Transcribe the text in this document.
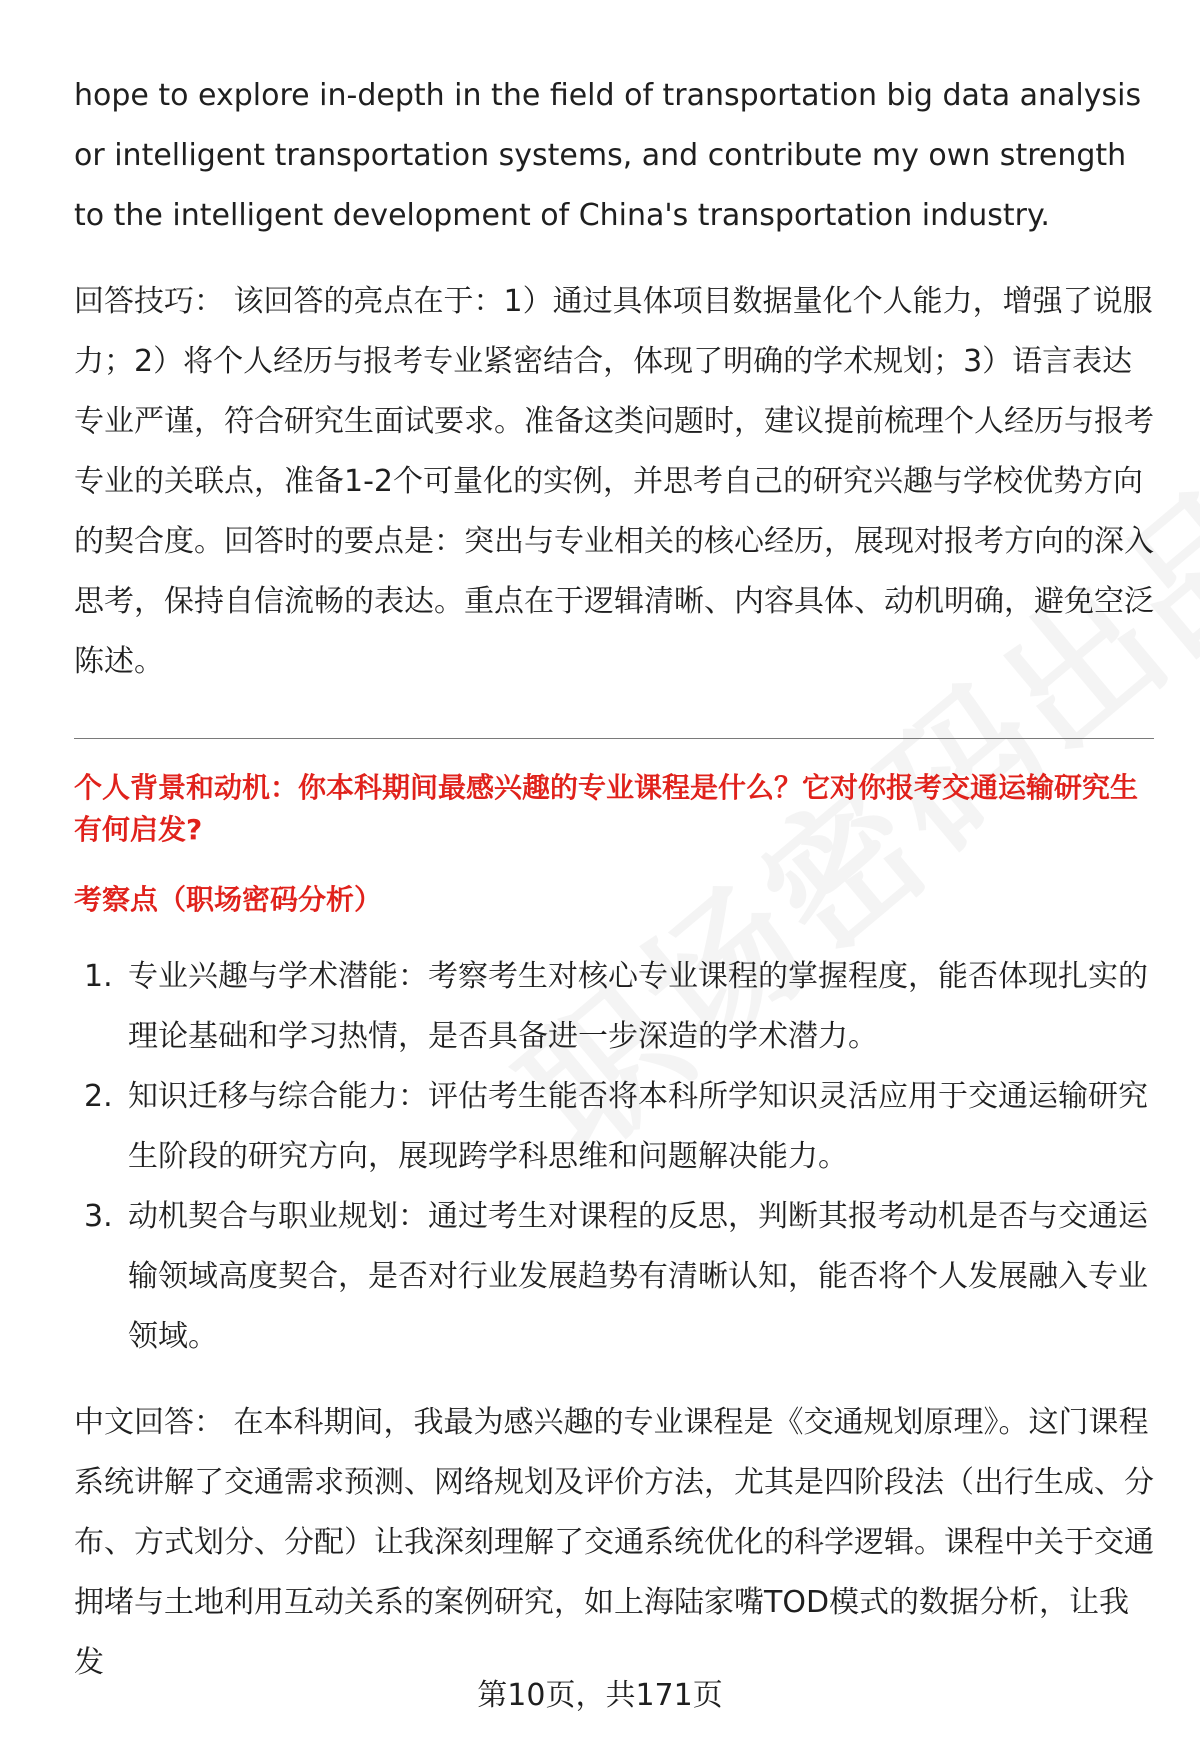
hope to explore in-depth in the field of transportation big data analysis or intelligent transportation systems, and contribute my own strength to the intelligent development of China's transportation industry.

回答技巧： 该回答的亮点在于：1）通过具体项目数据量化个人能力，增强了说服力；2）将个人经历与报考专业紧密结合，体现了明确的学术规划；3）语言表达专业严谨，符合研究生面试要求。准备这类问题时，建议提前梳理个人经历与报考专业的关联点，准备1-2个可量化的实例，并思考自己的研究兴趣与学校优势方向的契合度。回答时的要点是：突出与专业相关的核心经历，展现对报考方向的深入思考，保持自信流畅的表达。重点在于逻辑清晰、内容具体、动机明确，避免空泛陈述。

个人背景和动机：你本科期间最感兴趣的专业课程是什么？它对你报考交通运输研究生有何启发?

考察点（职场密码分析）

1. 专业兴趣与学术潜能：考察考生对核心专业课程的掌握程度，能否体现扎实的理论基础和学习热情，是否具备进一步深造的学术潜力。
2. 知识迁移与综合能力：评估考生能否将本科所学知识灵活应用于交通运输研究生阶段的研究方向，展现跨学科思维和问题解决能力。
3. 动机契合与职业规划：通过考生对课程的反思，判断其报考动机是否与交通运输领域高度契合，是否对行业发展趋势有清晰认知，能否将个人发展融入专业领域。

中文回答： 在本科期间，我最为感兴趣的专业课程是《交通规划原理》。这门课程系统讲解了交通需求预测、网络规划及评价方法，尤其是四阶段法（出行生成、分布、方式划分、分配）让我深刻理解了交通系统优化的科学逻辑。课程中关于交通拥堵与土地利用互动关系的案例研究，如上海陆家嘴TOD模式的数据分析，让我发

第10页，共171页
